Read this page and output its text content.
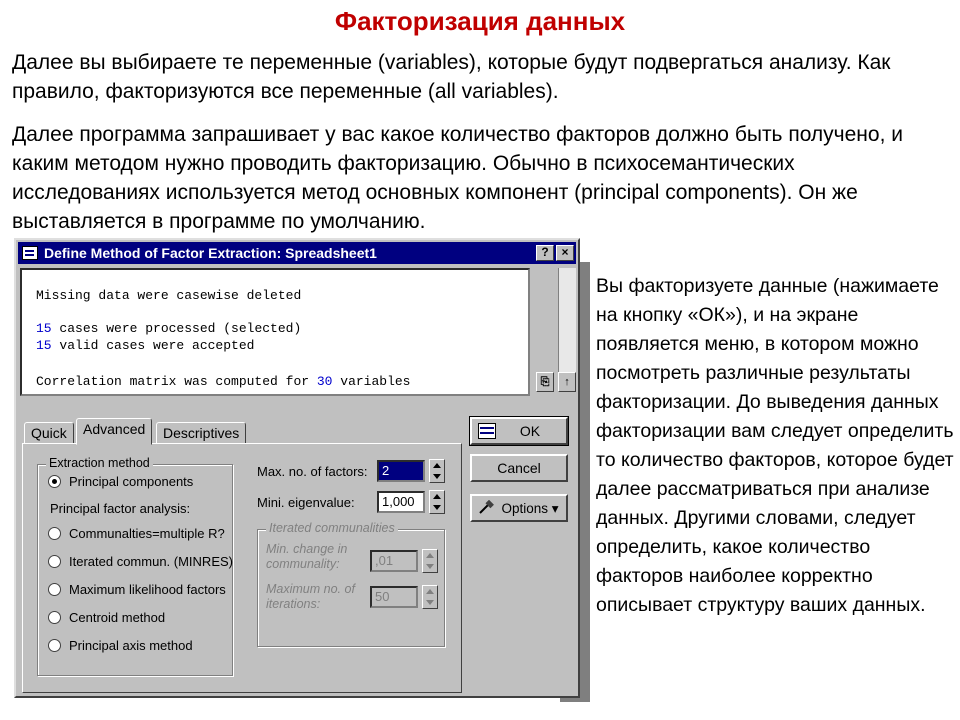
Факторизация данных
Далее вы выбираете те переменные (variables), которые будут подвергаться анализу. Как правило, факторизуются все переменные (all variables).
Далее программа запрашивает у вас какое количество факторов должно быть получено, и каким методом нужно проводить факторизацию. Обычно в психосемантических исследованиях используется метод основных компонент (principal components). Он же выставляется в программе по умолчанию.
Define Method of Factor Extraction: Spreadsheet1	?	×
Missing data were casewise deleted
15 cases were processed (selected)
15 valid cases were accepted
Correlation matrix was computed for 30 variables	⎘	↑
Quick	Advanced	Descriptives
Extraction method
Principal components
Principal factor analysis:
Communalties=multiple R?
Iterated commun. (MINRES)
Maximum likelihood factors
Centroid method
Principal axis method
Max. no. of factors:	2
Mini. eigenvalue:	1,000
Iterated communalities
Min. change in communality:	,01
Maximum no. of iterations:	50
OK
Cancel
Options ▾
Вы факторизуете данные (нажимаете на кнопку «ОК»), и на экране появляется меню, в котором можно посмотреть различные результаты факторизации. До выведения данных факторизации вам следует определить то количество факторов, которое будет далее рассматриваться при анализе данных. Другими словами, следует определить, какое количество факторов наиболее корректно описывает структуру ваших данных.
